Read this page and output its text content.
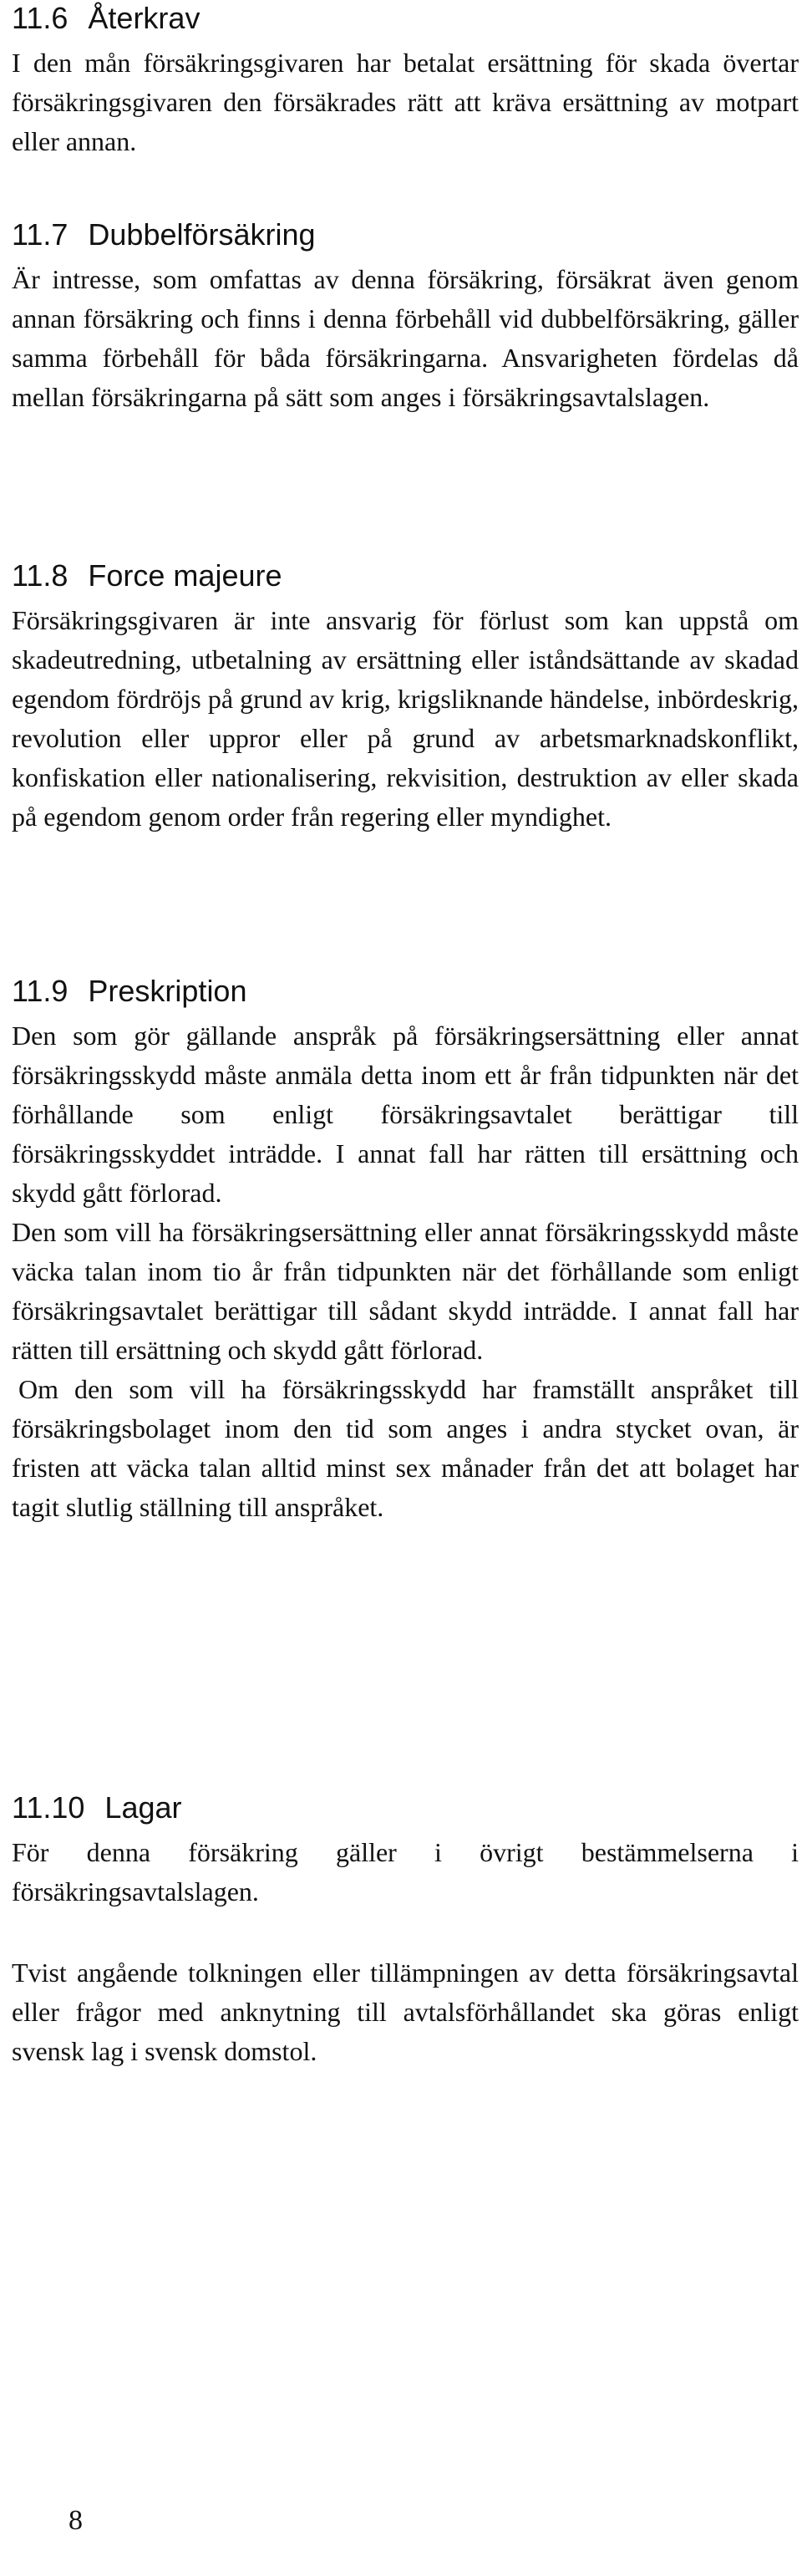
11.6 Återkrav

I den mån försäkringsgivaren har betalat ersättning för skada övertar försäkringsgivaren den försäkrades rätt att kräva ersättning av motpart eller annan.

11.7 Dubbelförsäkring

Är intresse, som omfattas av denna försäkring, försäkrat även genom annan försäkring och finns i denna förbehåll vid dubbelförsäkring, gäller samma förbehåll för båda försäkringarna. Ansvarigheten fördelas då mellan försäkringarna på sätt som anges i försäkringsavtalslagen.

11.8 Force majeure

Försäkringsgivaren är inte ansvarig för förlust som kan uppstå om skadeutredning, utbetalning av ersättning eller iståndsättande av skadad egendom fördröjs på grund av krig, krigsliknande händelse, inbördeskrig, revolution eller uppror eller på grund av arbetsmarknadskonflikt, konfiskation eller nationalisering, rekvisition, destruktion av eller skada på egendom genom order från regering eller myndighet.

11.9 Preskription

Den som gör gällande anspråk på försäkringsersättning eller annat försäkringsskydd måste anmäla detta inom ett år från tidpunkten när det förhållande som enligt försäkringsavtalet berättigar till försäkringsskyddet inträdde. I annat fall har rätten till ersättning och skydd gått förlorad.

Den som vill ha försäkringsersättning eller annat försäkringsskydd måste väcka talan inom tio år från tidpunkten när det förhållande som enligt försäkringsavtalet berättigar till sådant skydd inträdde. I annat fall har rätten till ersättning och skydd gått förlorad.

Om den som vill ha försäkringsskydd har framställt anspråket till försäkringsbolaget inom den tid som anges i andra stycket ovan, är fristen att väcka talan alltid minst sex månader från det att bolaget har tagit slutlig ställning till anspråket.

11.10 Lagar

För denna försäkring gäller i övrigt bestämmelserna i försäkringsavtalslagen.

Tvist angående tolkningen eller tillämpningen av detta försäkringsavtal eller frågor med anknytning till avtalsförhållandet ska göras enligt svensk lag i svensk domstol.

8
